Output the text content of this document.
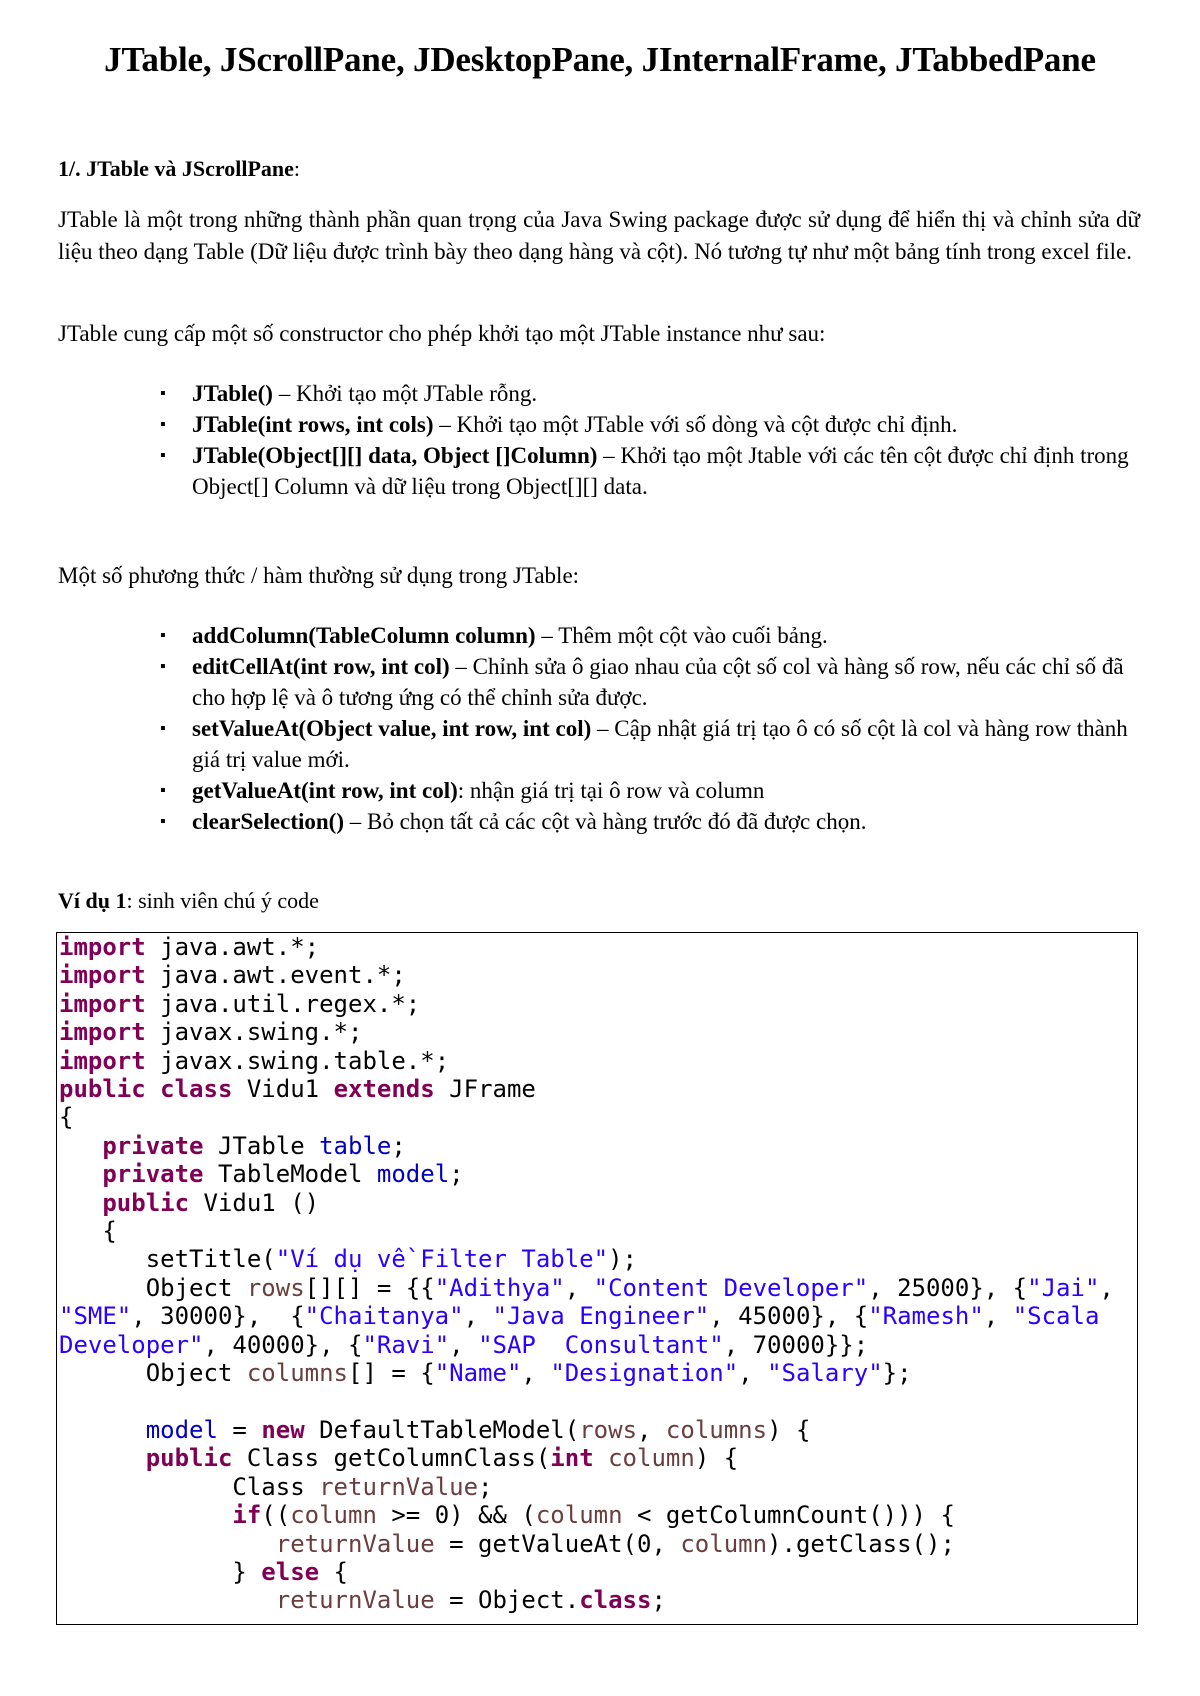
JTable, JScrollPane, JDesktopPane, JInternalFrame, JTabbedPane
1/. JTable và JScrollPane:
JTable là một trong những thành phần quan trọng của Java Swing package được sử dụng để hiển thị và chỉnh sửa dữ liệu theo dạng Table (Dữ liệu được trình bày theo dạng hàng và cột). Nó tương tự như một bảng tính trong excel file.
JTable cung cấp một số constructor cho phép khởi tạo một JTable instance như sau:
▪	JTable() – Khởi tạo một JTable rỗng.
▪	JTable(int rows, int cols) – Khởi tạo một JTable với số dòng và cột được chỉ định.
▪	JTable(Object[][] data, Object []Column) – Khởi tạo một Jtable với các tên cột được chỉ định trong Object[] Column và dữ liệu trong Object[][] data.
Một số phương thức / hàm thường sử dụng trong JTable:
▪	addColumn(TableColumn column) – Thêm một cột vào cuối bảng.
▪	editCellAt(int row, int col) – Chỉnh sửa ô giao nhau của cột số col và hàng số row, nếu các chỉ số đã cho hợp lệ và ô tương ứng có thể chỉnh sửa được.
▪	setValueAt(Object value, int row, int col) – Cập nhật giá trị tạo ô có số cột là col và hàng row thành giá trị value mới.
▪	getValueAt(int row, int col): nhận giá trị tại ô row và column
▪	clearSelection() – Bỏ chọn tất cả các cột và hàng trước đó đã được chọn.
Ví dụ 1: sinh viên chú ý code
import java.awt.*;
import java.awt.event.*;
import java.util.regex.*;
import javax.swing.*;
import javax.swing.table.*;
public class Vidu1 extends JFrame
{
private JTable table;
private TableModel model;
public Vidu1 ()
{
setTitle("Ví dụ về Filter Table");
Object rows[][] = {{"Adithya", "Content Developer", 25000}, {"Jai",
"SME", 30000},  {"Chaitanya", "Java Engineer", 45000}, {"Ramesh", "Scala
Developer", 40000}, {"Ravi", "SAP  Consultant", 70000}};
Object columns[] = {"Name", "Designation", "Salary"};

model = new DefaultTableModel(rows, columns) {
public Class getColumnClass(int column) {
Class returnValue;
if((column >= 0) && (column < getColumnCount())) {
returnValue = getValueAt(0, column).getClass();
} else {
returnValue = Object.class;
